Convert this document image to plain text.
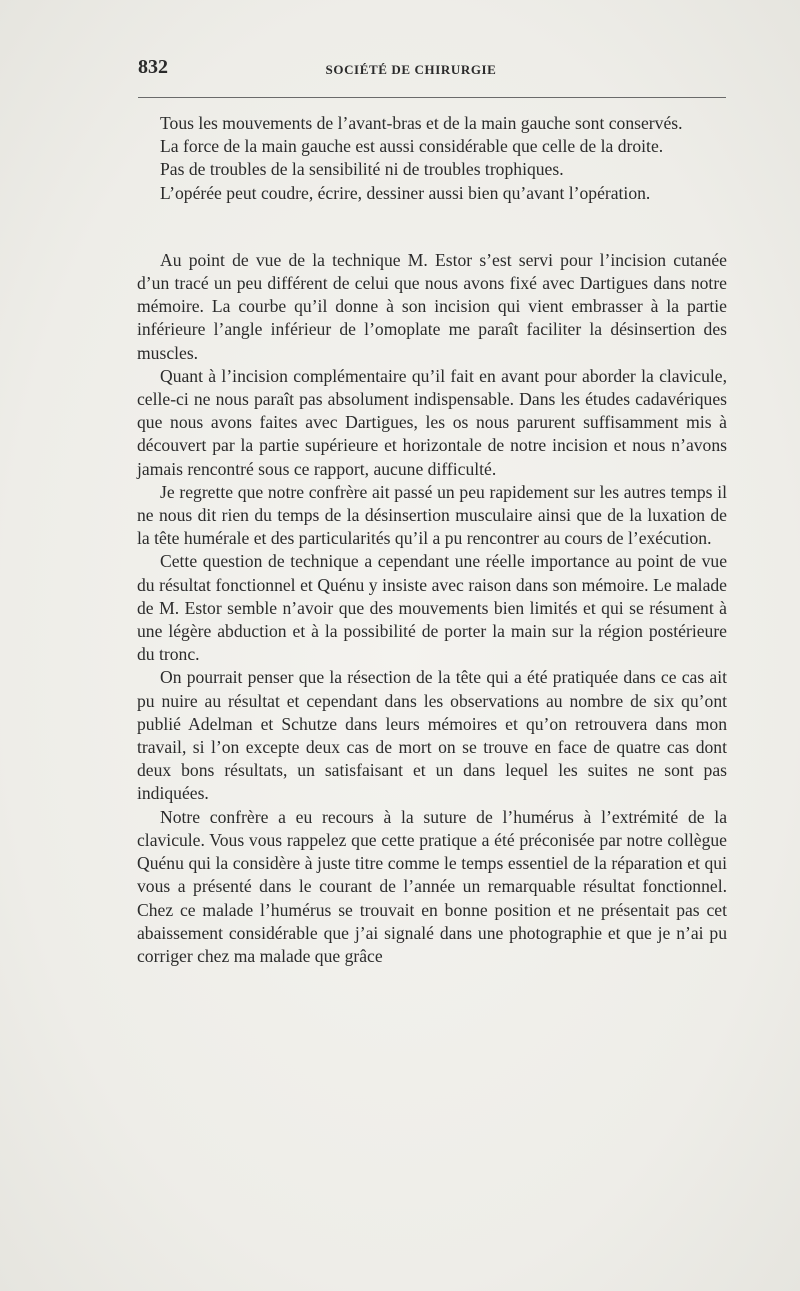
832	SOCIÉTÉ DE CHIRURGIE

Tous les mouvements de l’avant-bras et de la main gauche sont conservés.

La force de la main gauche est aussi considérable que celle de la droite.

Pas de troubles de la sensibilité ni de troubles trophiques.

L’opérée peut coudre, écrire, dessiner aussi bien qu’avant l’opération.

Au point de vue de la technique M. Estor s’est servi pour l’incision cutanée d’un tracé un peu différent de celui que nous avons fixé avec Dartigues dans notre mémoire. La courbe qu’il donne à son incision qui vient embrasser à la partie inférieure l’angle inférieur de l’omoplate me paraît faciliter la désinsertion des muscles.

Quant à l’incision complémentaire qu’il fait en avant pour aborder la clavicule, celle-ci ne nous paraît pas absolument indispensable. Dans les études cadavériques que nous avons faites avec Dartigues, les os nous parurent suffisamment mis à découvert par la partie supérieure et horizontale de notre incision et nous n’avons jamais rencontré sous ce rapport, aucune difficulté.

Je regrette que notre confrère ait passé un peu rapidement sur les autres temps il ne nous dit rien du temps de la désinsertion musculaire ainsi que de la luxation de la tête humérale et des particularités qu’il a pu rencontrer au cours de l’exécution.

Cette question de technique a cependant une réelle importance au point de vue du résultat fonctionnel et Quénu y insiste avec raison dans son mémoire. Le malade de M. Estor semble n’avoir que des mouvements bien limités et qui se résument à une légère abduction et à la possibilité de porter la main sur la région postérieure du tronc.

On pourrait penser que la résection de la tête qui a été pratiquée dans ce cas ait pu nuire au résultat et cependant dans les observations au nombre de six qu’ont publié Adelman et Schutze dans leurs mémoires et qu’on retrouvera dans mon travail, si l’on excepte deux cas de mort on se trouve en face de quatre cas dont deux bons résultats, un satisfaisant et un dans lequel les suites ne sont pas indiquées.

Notre confrère a eu recours à la suture de l’humérus à l’extrémité de la clavicule. Vous vous rappelez que cette pratique a été préconisée par notre collègue Quénu qui la considère à juste titre comme le temps essentiel de la réparation et qui vous a présenté dans le courant de l’année un remarquable résultat fonctionnel. Chez ce malade l’humérus se trouvait en bonne position et ne présentait pas cet abaissement considérable que j’ai signalé dans une photographie et que je n’ai pu corriger chez ma malade que grâce
